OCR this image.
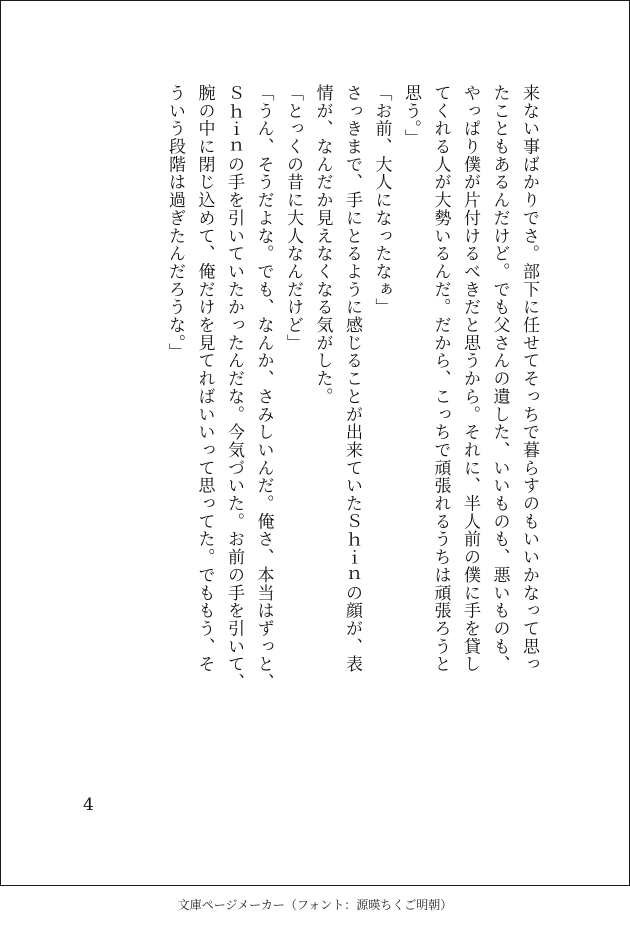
来ない事ばかりでさ。部下に任せてそっちで暮らすのもいいかなって思っ

たこともあるんだけど。でも父さんの遺した、いいものも、悪いものも、

やっぱり僕が片付けるべきだと思うから。それに、半人前の僕に手を貸し

てくれる人が大勢いるんだ。だから、こっちで頑張れるうちは頑張ろうと

思う。」

「お前、大人になったなぁ」

さっきまで、手にとるように感じることが出来ていたＳｈｉｎの顔が、表

情が、なんだか見えなくなる気がした。

「とっくの昔に大人なんだけど」

「うん、そうだよな。でも、なんか、さみしいんだ。俺さ、本当はずっと、

Ｓｈｉｎの手を引いていたかったんだな。今気づいた。お前の手を引いて、

腕の中に閉じ込めて、俺だけを見てればいいって思ってた。でももう、そ

ういう段階は過ぎたんだろうな。」

4
文庫ページメーカー（フォント：源暎ちくご明朝）
